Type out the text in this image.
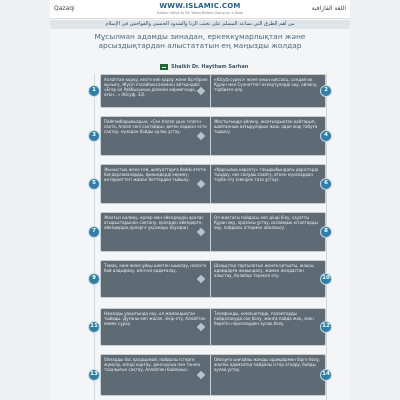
Qazaqi	WWW.ISLAMIC.COM
Islamic Ways to Be Taken Before Going on a Date
اللغة القازاقية
من أهم الطرق التي تساعد المسلم على تجنب الزنا والشذوذ الجنسي والفواحش في الإسلام
Мұсылман адамды зинадан, еркеккұмарлықтан және арсыздықтардан алыстататын ең маңызды жолдар
Shaikh Dr. Haytham Sarhan
Аллаһтан қорқу, көзге көп қарау және бір-біріне қызығу, Жүсіп ғалайһиссәләмнің айтқандай: «Егер ол Раббысының дәлелін көрмегенде, оған...» (Юсуф, 33).
1
«Юсуф сүресі» және оның қиссасы, сондай-ақ Құран мен Сүннеттегі ескертулерді оқу, ойлану, тәрбиеге алу.	2
Пайғамбарымыздың: «Сен Аллаһ үшін тілегін сақта, Аллаһ сені сақтайды» деген хадисін есте сақтау, күнәдан бойды аулақ ұстау.
3
Жастығыңда үйлену, жалғыздықтан қайтарып, шайтанның азғыруларын жою, адал жар табуға тырысу.
4
Жыныстық және гей, шәһуаттарға бейім ететін бағдарламаларды, фильмдерді көрмеу, интернеттегі жаман беттерден тыйылу.
5
«Қарсылық көрсету» тақырыбындағы дәрістерді тыңдау, көз салуды азайту, өткен күнәлардан тәубе ету (көкірек таза ұстау).
6
Жалғыз қалмау, ерлер мен әйелдердің аралас отырыстарынан сақтану, ерлердің әйелдерге, әйелдердің ерлерге ұқсамауы (Бұхари).
7
Ол жақтағы пайдасы көп дінді білу, сауатты Құран оқу, оразаны ұстау, исламдық кітаптарды оқу, пайдалы істермен айналысу.
8
Тамақ, киім және ұйқы шектен шықпау, нәпсіге бой алдырмау, өзін-өзі қадағалау.
9
Шақыртқа тартылатын жанға қатысты, жақсы адамдарға жақындасу, жаман жолдастан алыстау, Аллаһқа тәуекел ету.	10
Намазды уақытында оқу, ол жамандықтан тыйады. Дұғаны көп жасап, зікір ету, Аллаһтан көмек сұрау.
11
Телефонды, компьютерді, ғаламторды пайдалануда сақ болу, жанға пайда жоқ, зиян беретін нәрселерден аулақ болу.	12
Ойларды бос қалдырмай, пайдалы істерге жұмсау, өзіңді қорғау, денсаулық пен тәннің тазалығын сақтау, Аллаһпен байланыс.
13
Ойлауға ыңғайлы жанды адамдармен бірге болу, жалпы адамзатқа пайдалы істер атқару, бойды аулақ ұстау.
14
